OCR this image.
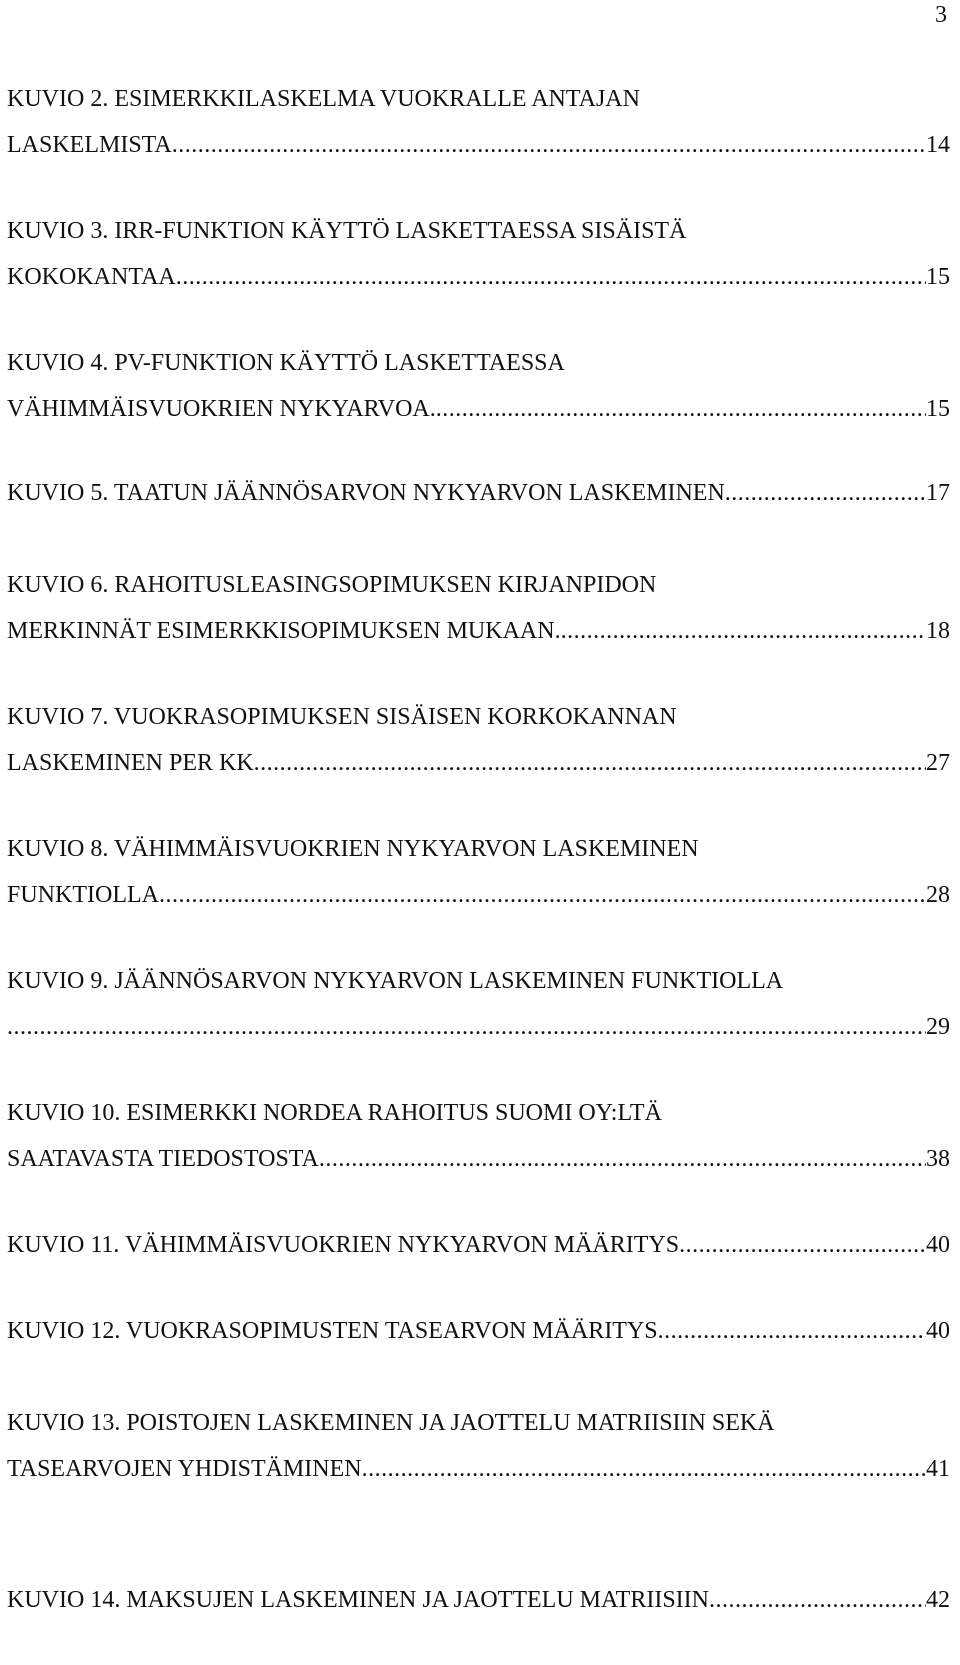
3
KUVIO 2. ESIMERKKILASKELMA VUOKRALLE ANTAJAN
LASKELMISTA .....	14
KUVIO 3. IRR-FUNKTION KÄYTTÖ LASKETTAESSA SISÄISTÄ
KOKOKANTAA .....	15
KUVIO 4. PV-FUNKTION KÄYTTÖ LASKETTAESSA
VÄHIMMÄISVUOKRIEN NYKYARVOA. .....	15
KUVIO 5. TAATUN JÄÄNNÖSARVON NYKYARVON LASKEMINEN .....	17
KUVIO 6. RAHOITUSLEASINGSOPIMUKSEN KIRJANPIDON
MERKINNÄT ESIMERKKISOPIMUKSEN MUKAAN. .....	18
KUVIO 7. VUOKRASOPIMUKSEN SISÄISEN KORKOKANNAN
LASKEMINEN PER KK .....	27
KUVIO 8. VÄHIMMÄISVUOKRIEN NYKYARVON LASKEMINEN
FUNKTIOLLA .....	28
KUVIO 9. JÄÄNNÖSARVON NYKYARVON LASKEMINEN FUNKTIOLLA
.....
29
KUVIO 10. ESIMERKKI NORDEA RAHOITUS SUOMI OY:LTÄ
SAATAVASTA TIEDOSTOSTA .....	38
KUVIO 11. VÄHIMMÄISVUOKRIEN NYKYARVON MÄÄRITYS .....	40
KUVIO 12. VUOKRASOPIMUSTEN TASEARVON MÄÄRITYS .....	40
KUVIO 13. POISTOJEN LASKEMINEN JA JAOTTELU MATRIISIIN SEKÄ
TASEARVOJEN YHDISTÄMINEN .....	41
KUVIO 14. MAKSUJEN LASKEMINEN JA JAOTTELU MATRIISIIN .....	42
